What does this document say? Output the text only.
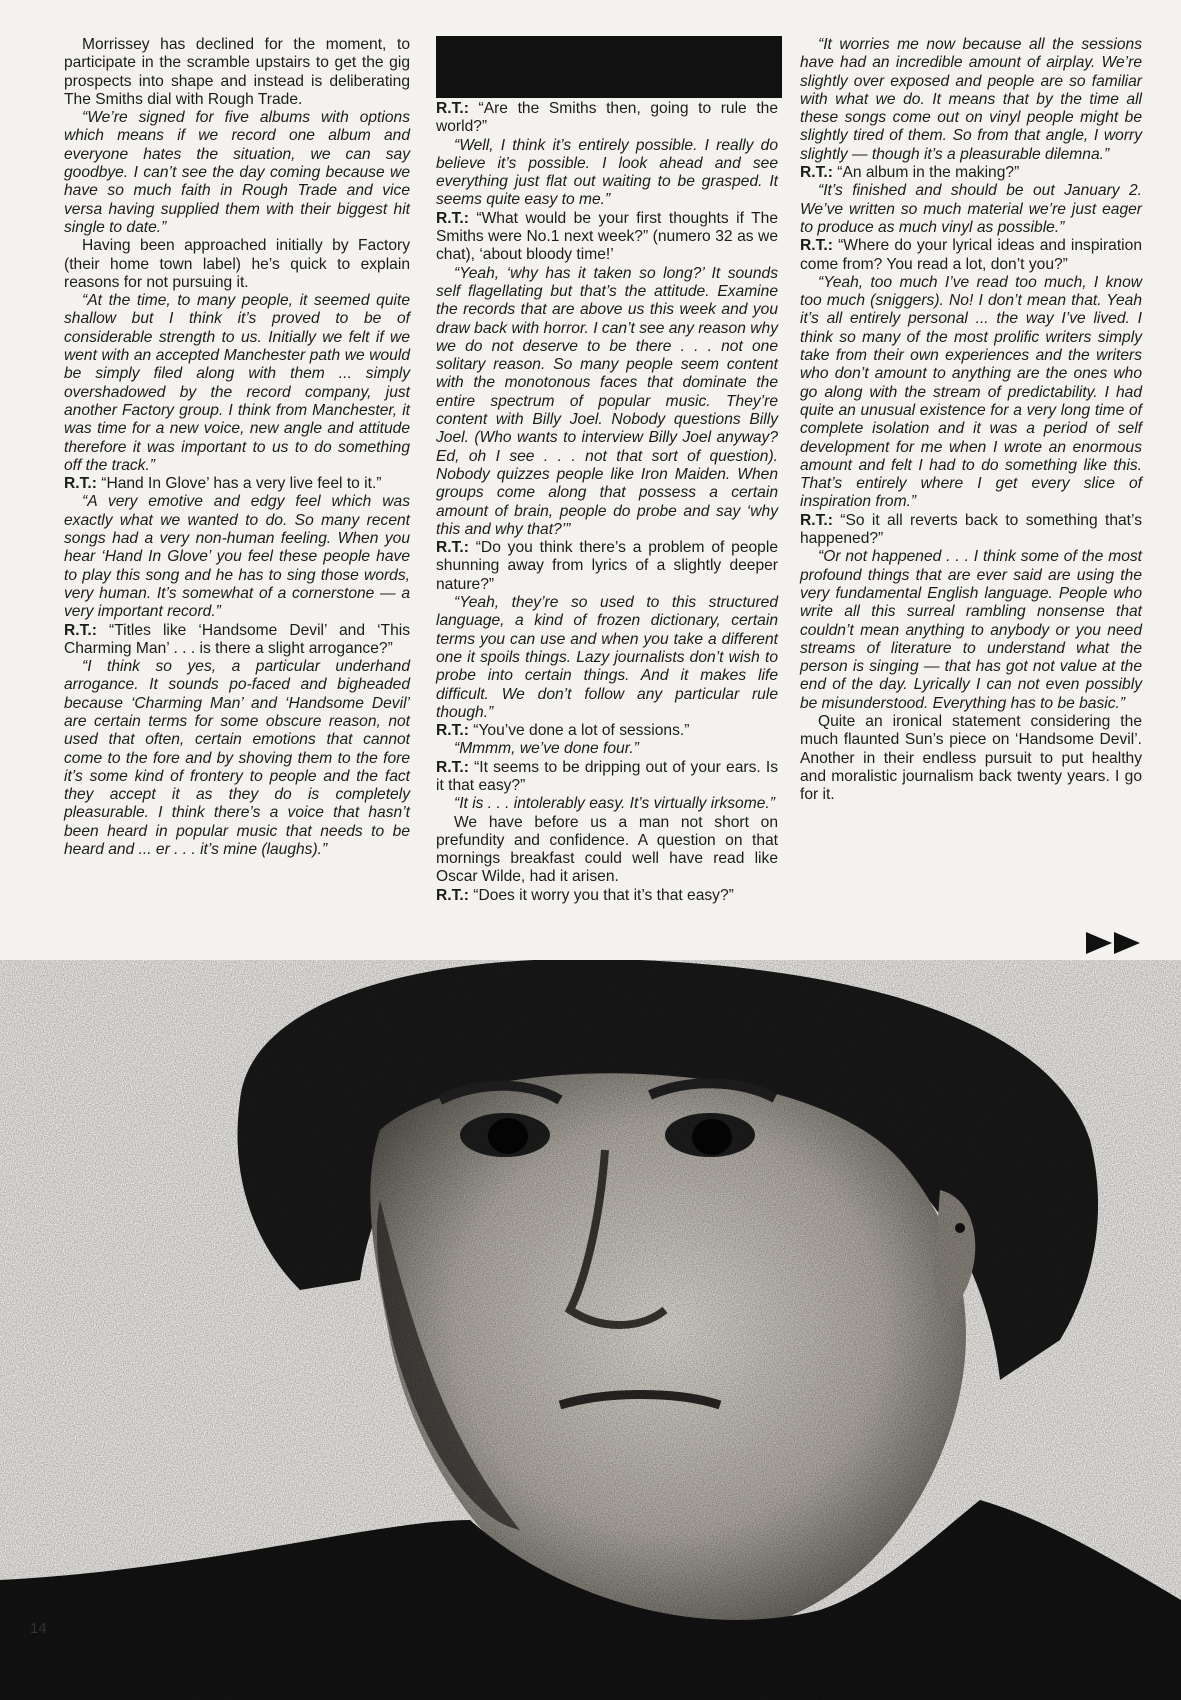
Morrissey has declined for the moment, to participate in the scramble upstairs to get the gig prospects into shape and instead is deliberating The Smiths dial with Rough Trade.

“We’re signed for five albums with options which means if we record one album and everyone hates the situation, we can say goodbye. I can’t see the day coming because we have so much faith in Rough Trade and vice versa having supplied them with their biggest hit single to date.”

Having been approached initially by Factory (their home town label) he’s quick to explain reasons for not pursuing it.

“At the time, to many people, it seemed quite shallow but I think it’s proved to be of considerable strength to us. Initially we felt if we went with an accepted Manchester path we would be simply filed along with them ... simply overshadowed by the record company, just another Factory group. I think from Manchester, it was time for a new voice, new angle and attitude therefore it was important to us to do something off the track.”

R.T.: “Hand In Glove’ has a very live feel to it.”

“A very emotive and edgy feel which was exactly what we wanted to do. So many recent songs had a very non-human feeling. When you hear ‘Hand In Glove’ you feel these people have to play this song and he has to sing those words, very human. It’s somewhat of a cornerstone — a very important record.”

R.T.: “Titles like ‘Handsome Devil’ and ‘This Charming Man’ . . . is there a slight arrogance?”

“I think so yes, a particular underhand arrogance. It sounds po-faced and bigheaded because ‘Charming Man’ and ‘Handsome Devil’ are certain terms for some obscure reason, not used that often, certain emotions that cannot come to the fore and by shoving them to the fore it’s some kind of frontery to people and the fact they accept it as they do is completely pleasurable. I think there’s a voice that hasn’t been heard in popular music that needs to be heard and ... er . . . it’s mine (laughs).”

R.T.: “Are the Smiths then, going to rule the world?”

“Well, I think it’s entirely possible. I really do believe it’s possible. I look ahead and see everything just flat out waiting to be grasped. It seems quite easy to me.”

R.T.: “What would be your first thoughts if The Smiths were No.1 next week?” (numero 32 as we chat), ‘about bloody time!’

“Yeah, ‘why has it taken so long?’ It sounds self flagellating but that’s the attitude. Examine the records that are above us this week and you draw back with horror. I can’t see any reason why we do not deserve to be there . . . not one solitary reason. So many people seem content with the monotonous faces that dominate the entire spectrum of popular music. They’re content with Billy Joel. Nobody questions Billy Joel. (Who wants to interview Billy Joel anyway? Ed, oh I see . . . not that sort of question). Nobody quizzes people like Iron Maiden. When groups come along that possess a certain amount of brain, people do probe and say ‘why this and why that?’”

R.T.: “Do you think there’s a problem of people shunning away from lyrics of a slightly deeper nature?”

“Yeah, they’re so used to this structured language, a kind of frozen dictionary, certain terms you can use and when you take a different one it spoils things. Lazy journalists don’t wish to probe into certain things. And it makes life difficult. We don’t follow any particular rule though.”

R.T.: “You’ve done a lot of sessions.”

“Mmmm, we’ve done four.”

R.T.: “It seems to be dripping out of your ears. Is it that easy?”

“It is . . . intolerably easy. It’s virtually irksome.”

We have before us a man not short on prefundity and confidence. A question on that mornings breakfast could well have read like Oscar Wilde, had it arisen.

R.T.: “Does it worry you that it’s that easy?”

“It worries me now because all the sessions have had an incredible amount of airplay. We’re slightly over exposed and people are so familiar with what we do. It means that by the time all these songs come out on vinyl people might be slightly tired of them. So from that angle, I worry slightly — though it’s a pleasurable dilemna.”

R.T.: “An album in the making?”

“It’s finished and should be out January 2. We’ve written so much material we’re just eager to produce as much vinyl as possible.”

R.T.: “Where do your lyrical ideas and inspiration come from? You read a lot, don’t you?”

“Yeah, too much I’ve read too much, I know too much (sniggers). No! I don’t mean that. Yeah it’s all entirely personal ... the way I’ve lived. I think so many of the most prolific writers simply take from their own experiences and the writers who don’t amount to anything are the ones who go along with the stream of predictability. I had quite an unusual existence for a very long time of complete isolation and it was a period of self development for me when I wrote an enormous amount and felt I had to do something like this. That’s entirely where I get every slice of inspiration from.”

R.T.: “So it all reverts back to something that’s happened?”

“Or not happened . . . I think some of the most profound things that are ever said are using the very fundamental English language. People who write all this surreal rambling nonsense that couldn’t mean anything to anybody or you need streams of literature to understand what the person is singing — that has got not value at the end of the day. Lyrically I can not even possibly be misunderstood. Everything has to be basic.”

Quite an ironical statement considering the much flaunted Sun’s piece on ‘Handsome Devil’. Another in their endless pursuit to put healthy and moralistic journalism back twenty years. I go for it.

14
